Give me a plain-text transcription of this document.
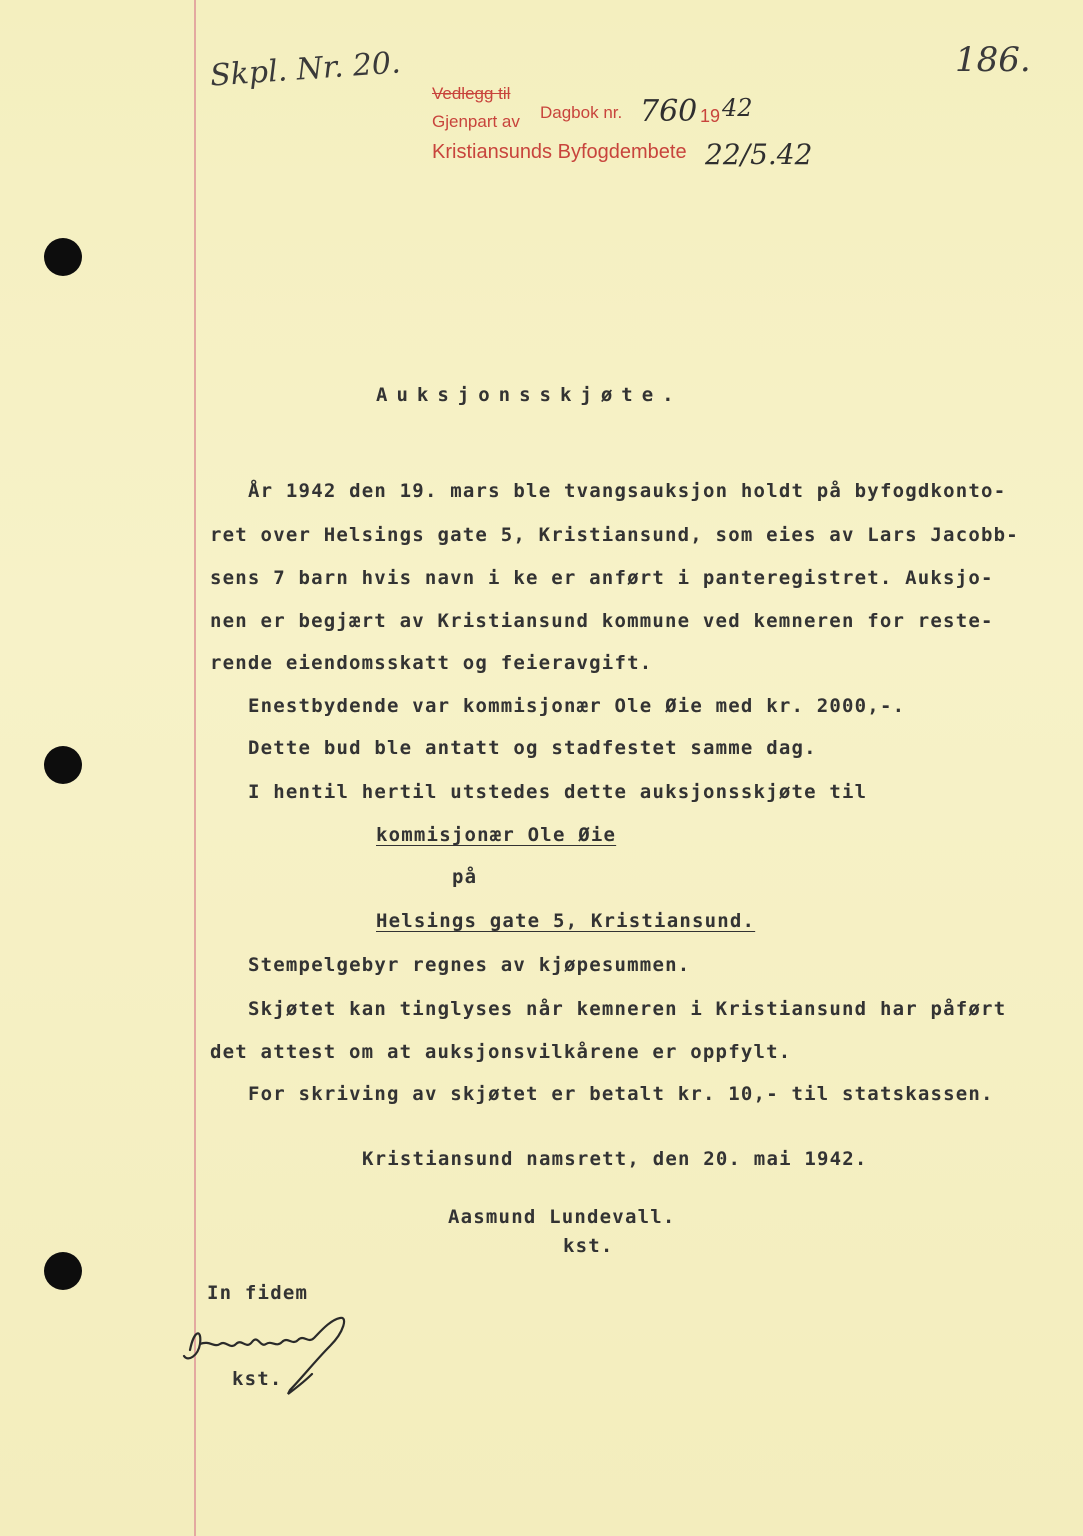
Skpl. Nr. 20.	186.
Vedlegg til
Gjenpart av Dagbok nr. 760 19 42
Kristiansunds Byfogdembete 22/5.42
Auksjonsskjøte.
År 1942 den 19. mars ble tvangsauksjon holdt på byfogdkonto-
ret over Helsings gate 5, Kristiansund, som eies av Lars Jacobb-
sens 7 barn hvis navn i ke er anført i panteregistret. Auksjo-
nen er begjært av Kristiansund kommune ved kemneren for reste-
rende eiendomsskatt og feieravgift.
Enestbydende var kommisjonær Ole Øie med kr. 2000,-.
Dette bud ble antatt og stadfestet samme dag.
I hentil hertil utstedes dette auksjonsskjøte til
kommisjonær Ole Øie
på
Helsings gate 5, Kristiansund.
Stempelgebyr regnes av kjøpesummen.
Skjøtet kan tinglyses når kemneren i Kristiansund har påført
det attest om at auksjonsvilkårene er oppfylt.
For skriving av skjøtet er betalt kr. 10,- til statskassen.
Kristiansund namsrett, den 20. mai 1942.
Aasmund Lundevall.
kst.
In fidem
kst.
